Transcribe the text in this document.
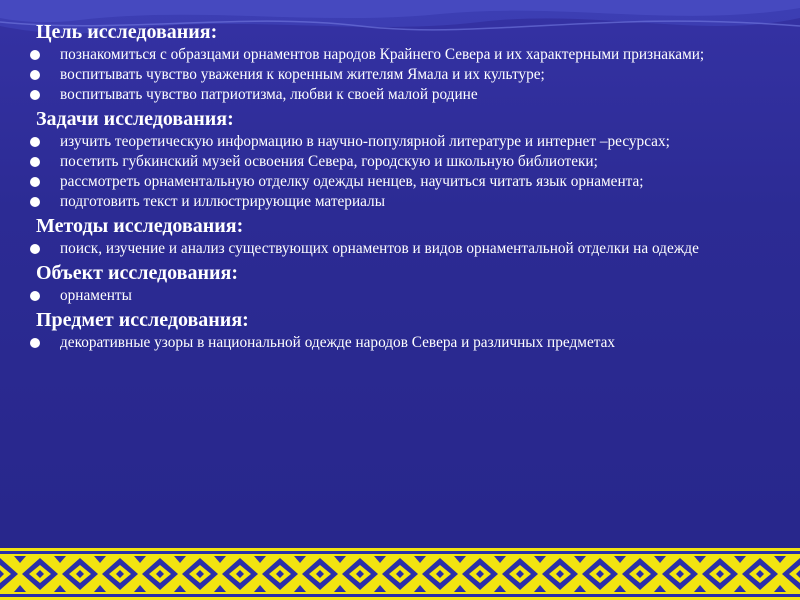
Цель исследования:
познакомиться с образцами орнаментов народов Крайнего Севера и их характерными признаками;
воспитывать чувство уважения к коренным жителям Ямала и их культуре;
воспитывать чувство патриотизма, любви к своей малой родине
Задачи исследования:
изучить теоретическую информацию в научно-популярной литературе и интернет –ресурсах;
посетить губкинский музей освоения Севера, городскую и школьную библиотеки;
рассмотреть орнаментальную отделку одежды ненцев, научиться читать язык орнамента;
подготовить текст и иллюстрирующие материалы
Методы исследования:
поиск, изучение и анализ существующих орнаментов и видов орнаментальной отделки на одежде
Объект исследования:
орнаменты
Предмет исследования:
декоративные узоры в национальной одежде народов Севера и различных предметах
